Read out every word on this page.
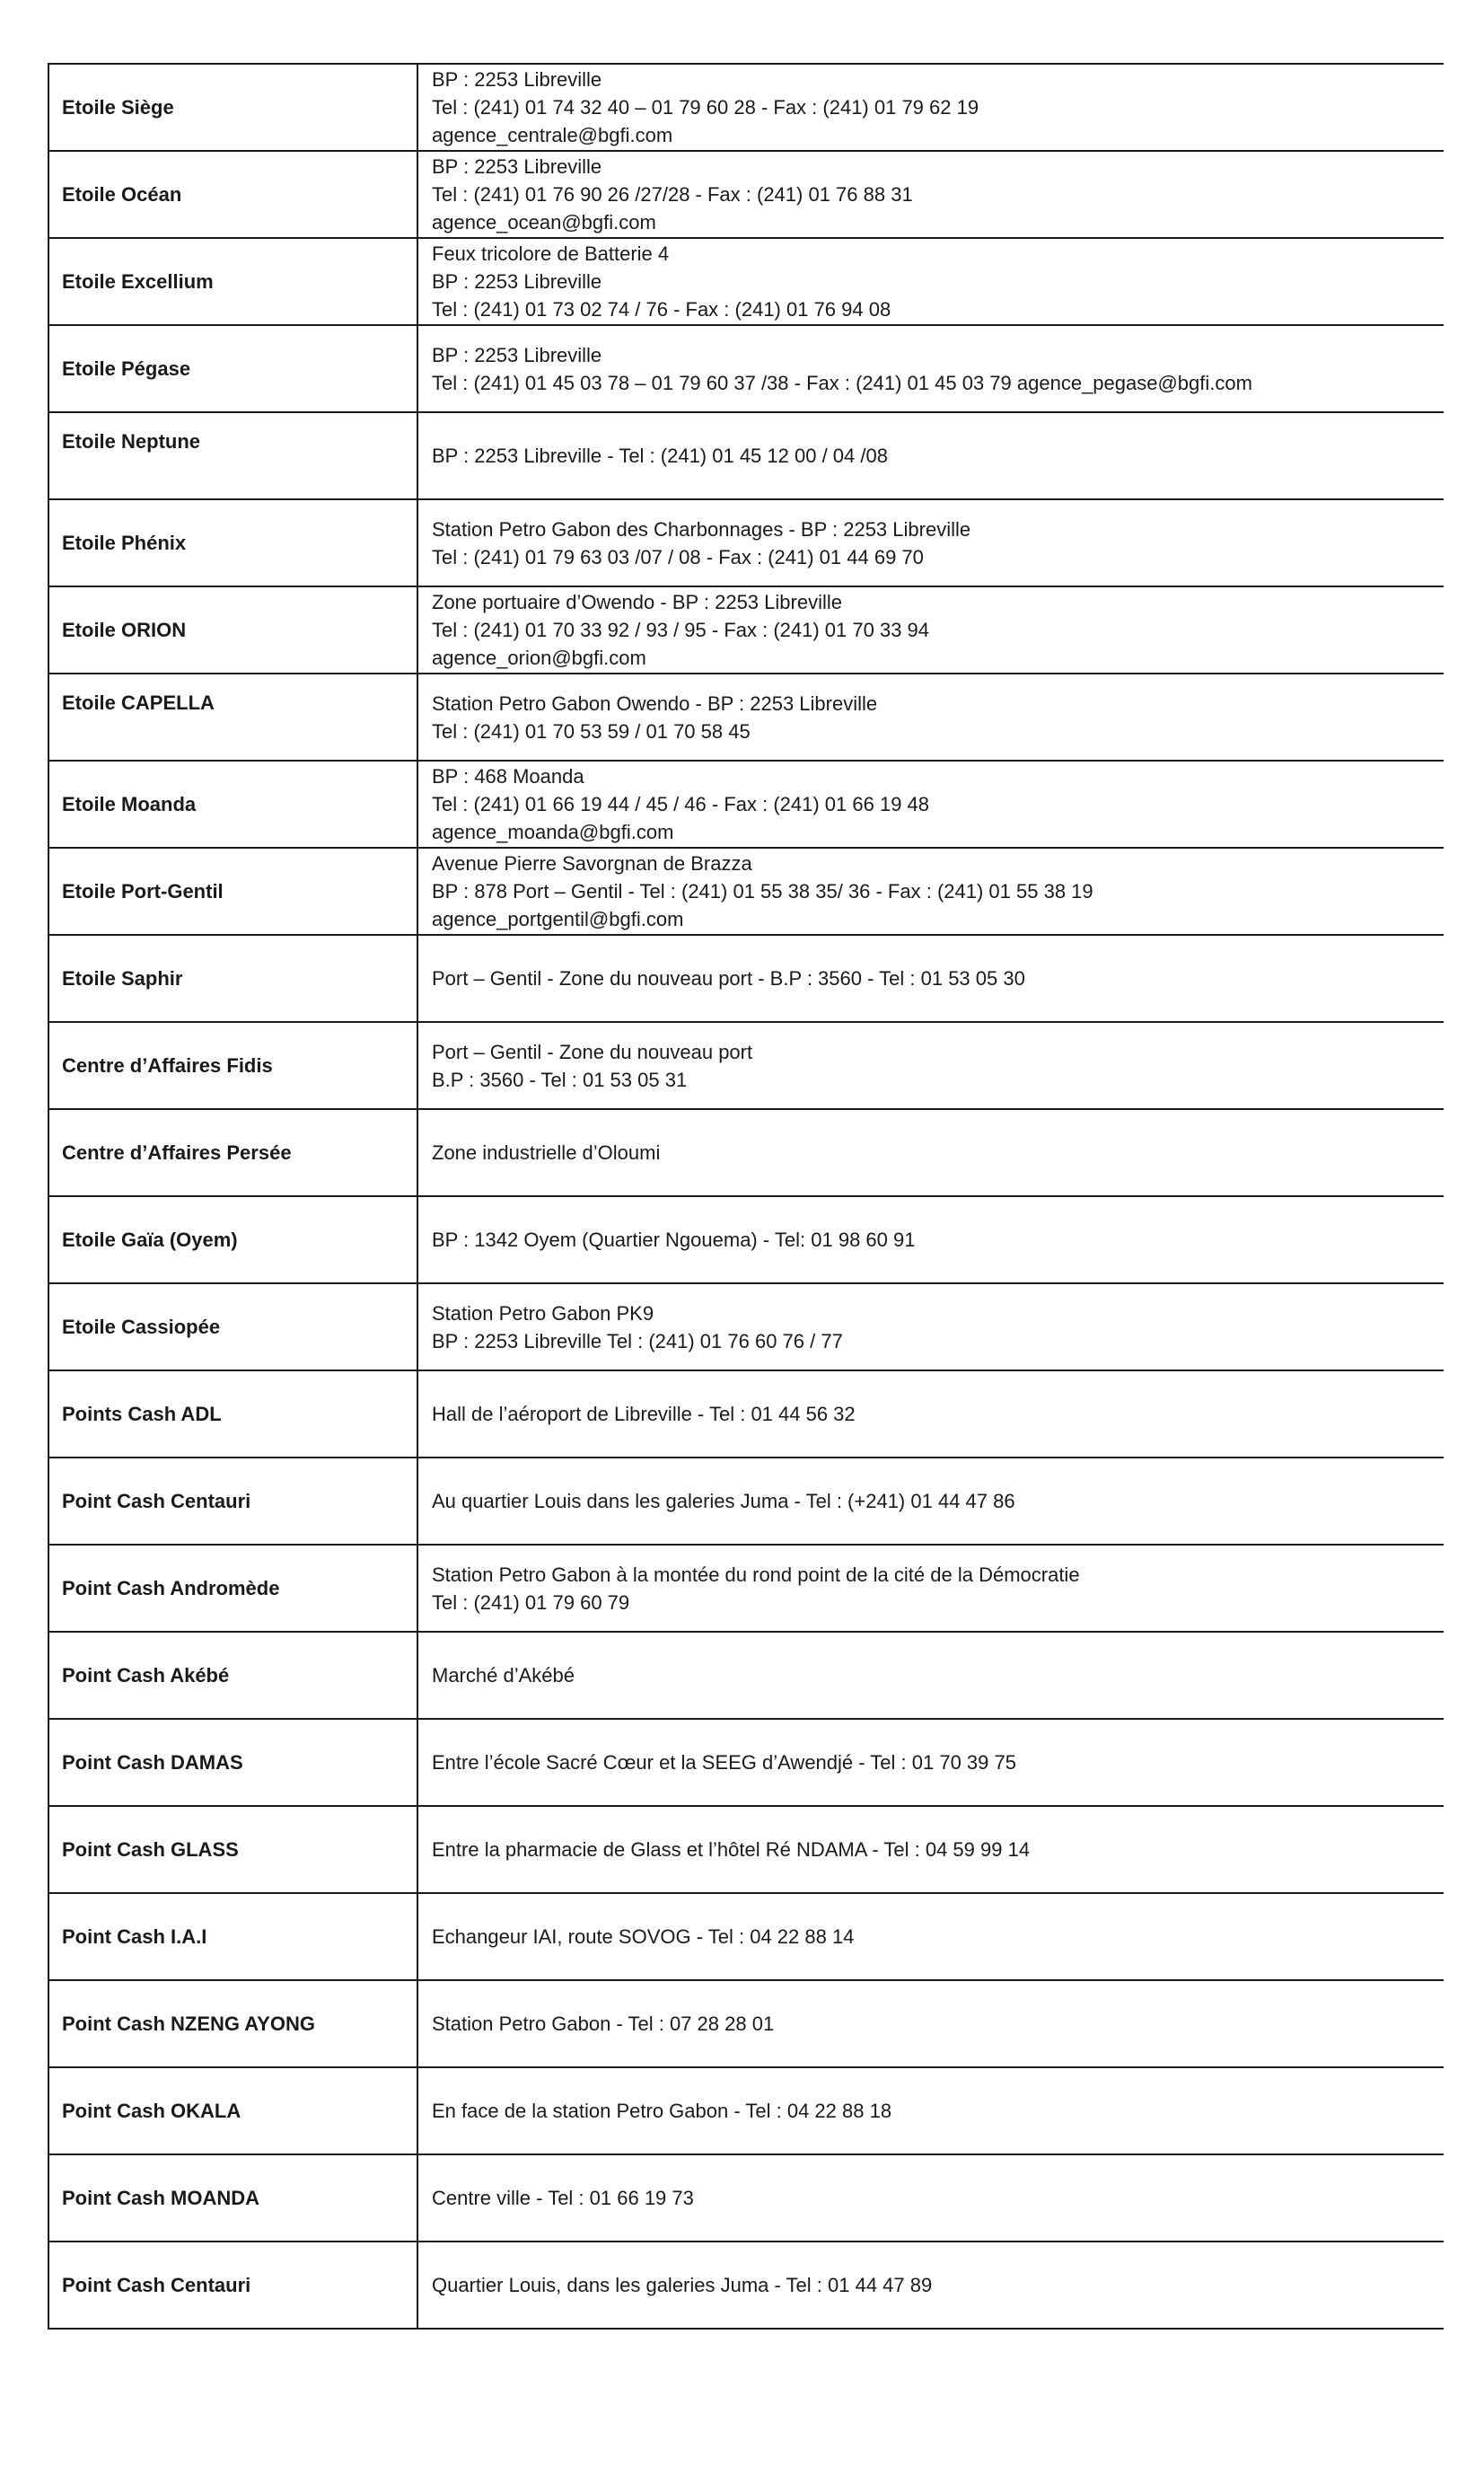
Etoile Siège	BP : 2253 Libreville
Tel : (241) 01 74 32 40 – 01 79 60 28 - Fax : (241) 01 79 62 19
agence_centrale@bgfi.com

Etoile Océan	BP : 2253 Libreville
Tel : (241) 01 76 90 26 /27/28 - Fax : (241) 01 76 88 31
agence_ocean@bgfi.com

Etoile Excellium	Feux tricolore de Batterie 4
BP : 2253 Libreville
Tel : (241) 01 73 02 74 / 76 - Fax : (241) 01 76 94 08

Etoile Pégase	BP : 2253 Libreville
Tel : (241) 01 45 03 78 – 01 79 60 37 /38 - Fax : (241) 01 45 03 79 agence_pegase@bgfi.com

Etoile Neptune	BP : 2253 Libreville - Tel : (241) 01 45 12 00 / 04 /08

Etoile Phénix	Station Petro Gabon des Charbonnages - BP : 2253 Libreville
Tel : (241) 01 79 63 03 /07 / 08 - Fax : (241) 01 44 69 70

Etoile ORION	Zone portuaire d’Owendo - BP : 2253 Libreville
Tel : (241) 01 70 33 92 / 93 / 95 - Fax : (241) 01 70 33 94
agence_orion@bgfi.com

Etoile CAPELLA	Station Petro Gabon Owendo - BP : 2253 Libreville
Tel : (241) 01 70 53 59 / 01 70 58 45

Etoile Moanda	BP : 468 Moanda
Tel : (241) 01 66 19 44 / 45 / 46 - Fax : (241) 01 66 19 48
agence_moanda@bgfi.com

Etoile Port-Gentil	Avenue Pierre Savorgnan de Brazza
BP : 878 Port – Gentil - Tel : (241) 01 55 38 35/ 36 - Fax : (241) 01 55 38 19
agence_portgentil@bgfi.com

Etoile Saphir	Port – Gentil - Zone du nouveau port - B.P : 3560 - Tel : 01 53 05 30

Centre d’Affaires Fidis	Port – Gentil - Zone du nouveau port
B.P : 3560 - Tel : 01 53 05 31

Centre d’Affaires Persée	Zone industrielle d’Oloumi

Etoile Gaïa (Oyem)	BP : 1342 Oyem (Quartier Ngouema) - Tel: 01 98 60 91

Etoile Cassiopée	Station Petro Gabon PK9
BP : 2253 Libreville Tel : (241) 01 76 60 76 / 77

Points Cash ADL	Hall de l’aéroport de Libreville - Tel : 01 44 56 32

Point Cash Centauri	Au quartier Louis dans les galeries Juma - Tel : (+241) 01 44 47 86

Point Cash Andromède	Station Petro Gabon à la montée du rond point de la cité de la Démocratie
Tel : (241) 01 79 60 79

Point Cash Akébé	Marché d’Akébé

Point Cash DAMAS	Entre l’école Sacré Cœur et la SEEG d’Awendjé - Tel : 01 70 39 75

Point Cash GLASS	Entre la pharmacie de Glass et l’hôtel Ré NDAMA - Tel : 04 59 99 14

Point Cash I.A.I	Echangeur IAI, route SOVOG - Tel : 04 22 88 14

Point Cash NZENG AYONG	Station Petro Gabon - Tel : 07 28 28 01

Point Cash OKALA	En face de la station Petro Gabon - Tel : 04 22 88 18

Point Cash MOANDA	Centre ville - Tel : 01 66 19 73

Point Cash Centauri	Quartier Louis, dans les galeries Juma - Tel : 01 44 47 89
